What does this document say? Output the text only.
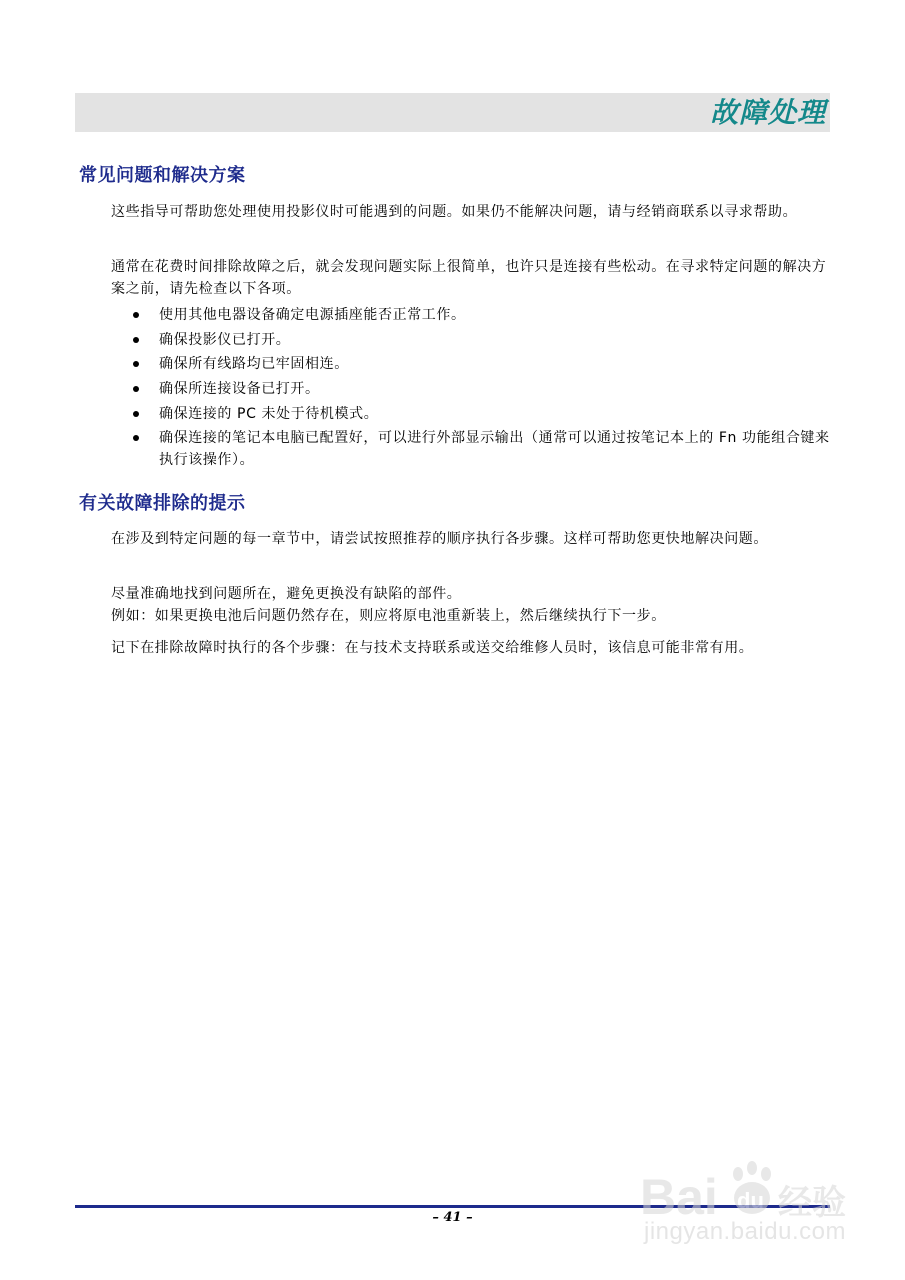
故障处理
常见问题和解决方案

这些指导可帮助您处理使用投影仪时可能遇到的问题。如果仍不能解决问题，请与经销商联系以寻求帮助。

通常在花费时间排除故障之后，就会发现问题实际上很简单，也许只是连接有些松动。在寻求特定问题的解决方案之前，请先检查以下各项。

使用其他电器设备确定电源插座能否正常工作。
确保投影仪已打开。
确保所有线路均已牢固相连。
确保所连接设备已打开。
确保连接的 PC 未处于待机模式。
确保连接的笔记本电脑已配置好，可以进行外部显示输出（通常可以通过按笔记本上的 Fn 功能组合键来执行该操作）。
有关故障排除的提示

在涉及到特定问题的每一章节中，请尝试按照推荐的顺序执行各步骤。这样可帮助您更快地解决问题。

尽量准确地找到问题所在，避免更换没有缺陷的部件。

例如：如果更换电池后问题仍然存在，则应将原电池重新装上，然后继续执行下一步。

记下在排除故障时执行的各个步骤：在与技术支持联系或送交给维修人员时，该信息可能非常有用。

– 41 –	Bai du 经验
jingyan.baidu.com
